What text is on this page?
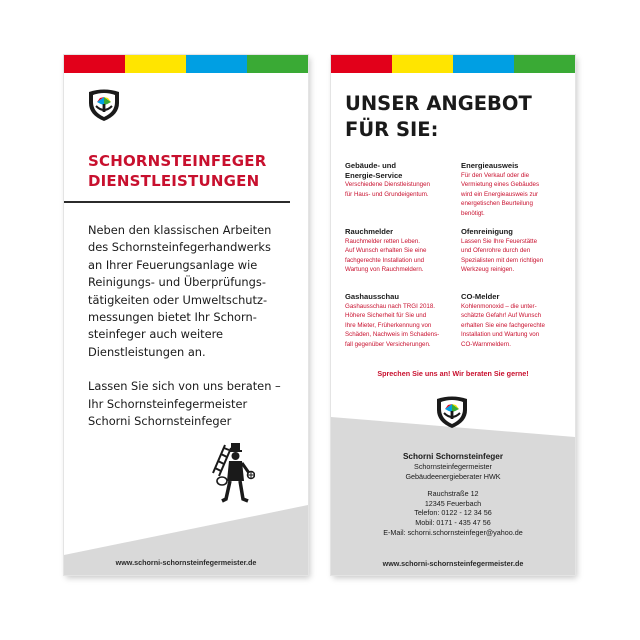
SCHORNSTEINFEGER
DIENSTLEISTUNGEN
Neben den klassischen Arbeiten
des Schornsteinfegerhandwerks
an Ihrer Feuerungsanlage wie
Reinigungs- und Überprüfungs-
tätigkeiten oder Umweltschutz-
messungen bietet Ihr Schorn-
steinfeger auch weitere
Dienstleistungen an.
Lassen Sie sich von uns beraten –
Ihr Schornsteinfegermeister
Schorni Schornsteinfeger
www.schorni-schornsteinfegermeister.de
UNSER ANGEBOT
FÜR SIE:
Gebäude- und
Energie-Service
Verschiedene Dienstleistungen
für Haus- und Grundeigentum.
Energieausweis
Für den Verkauf oder die
Vermietung eines Gebäudes
wird ein Energieausweis zur
energetischen Beurteilung
benötigt.
Rauchmelder
Rauchmelder retten Leben.
Auf Wunsch erhalten Sie eine
fachgerechte Installation und
Wartung von Rauchmeldern.
Ofenreinigung
Lassen Sie Ihre Feuerstätte
und Ofenrohre durch den
Spezialisten mit dem richtigen
Werkzeug reinigen.
Gashausschau
Gashausschau nach TRGI 2018.
Höhere Sicherheit für Sie und
Ihre Mieter, Früherkennung von
Schäden, Nachweis im Schadens-
fall gegenüber Versicherungen.
CO-Melder
Kohlenmonoxid – die unter-
schätzte Gefahr! Auf Wunsch
erhalten Sie eine fachgerechte
Installation und Wartung von
CO-Warnmeldern.
Sprechen Sie uns an! Wir beraten Sie gerne!
Schorni Schornsteinfeger
Schornsteinfegermeister
Gebäudeenergieberater HWK
Rauchstraße 12
12345 Feuerbach
Telefon: 0122 - 12 34 56
Mobil: 0171 - 435 47 56
E-Mail: schorni.schornsteinfeger@yahoo.de
www.schorni-schornsteinfegermeister.de
